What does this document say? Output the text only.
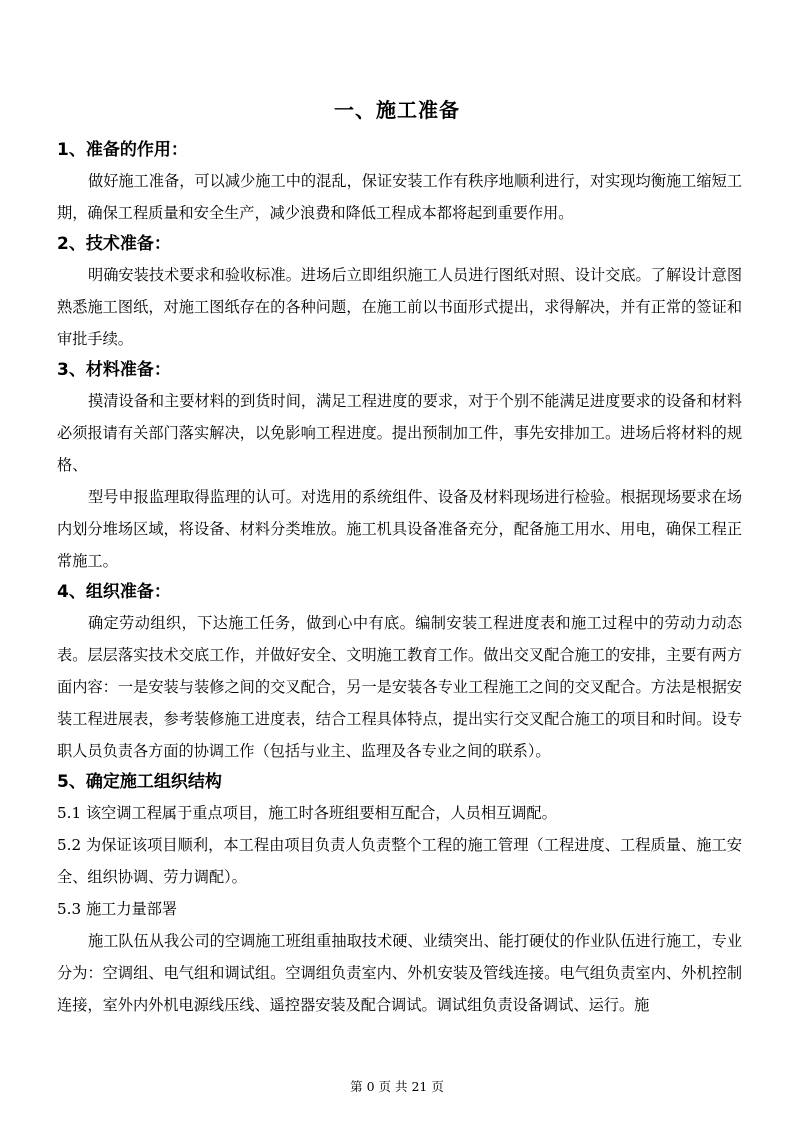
一、施工准备
1、准备的作用：

做好施工准备，可以减少施工中的混乱，保证安装工作有秩序地顺利进行，对实现均衡施工缩短工期，确保工程质量和安全生产，减少浪费和降低工程成本都将起到重要作用。

2、技术准备：

明确安装技术要求和验收标准。进场后立即组织施工人员进行图纸对照、设计交底。了解设计意图熟悉施工图纸，对施工图纸存在的各种问题，在施工前以书面形式提出，求得解决，并有正常的签证和审批手续。

3、材料准备：

摸清设备和主要材料的到货时间，满足工程进度的要求，对于个别不能满足进度要求的设备和材料必须报请有关部门落实解决，以免影响工程进度。提出预制加工件，事先安排加工。进场后将材料的规格、

型号申报监理取得监理的认可。对选用的系统组件、设备及材料现场进行检验。根据现场要求在场内划分堆场区域，将设备、材料分类堆放。施工机具设备准备充分，配备施工用水、用电，确保工程正常施工。

4、组织准备：

确定劳动组织，下达施工任务，做到心中有底。编制安装工程进度表和施工过程中的劳动力动态表。层层落实技术交底工作，并做好安全、文明施工教育工作。做出交叉配合施工的安排，主要有两方面内容：一是安装与装修之间的交叉配合，另一是安装各专业工程施工之间的交叉配合。方法是根据安装工程进展表，参考装修施工进度表，结合工程具体特点，提出实行交叉配合施工的项目和时间。设专职人员负责各方面的协调工作（包括与业主、监理及各专业之间的联系）。

5、确定施工组织结构

5.1 该空调工程属于重点项目，施工时各班组要相互配合，人员相互调配。

5.2 为保证该项目顺利，本工程由项目负责人负责整个工程的施工管理（工程进度、工程质量、施工安全、组织协调、劳力调配）。

5.3 施工力量部署

施工队伍从我公司的空调施工班组重抽取技术硬、业绩突出、能打硬仗的作业队伍进行施工，专业分为：空调组、电气组和调试组。空调组负责室内、外机安装及管线连接。电气组负责室内、外机控制连接，室外内外机电源线压线、遥控器安装及配合调试。调试组负责设备调试、运行。施

第 0 页 共 21 页
